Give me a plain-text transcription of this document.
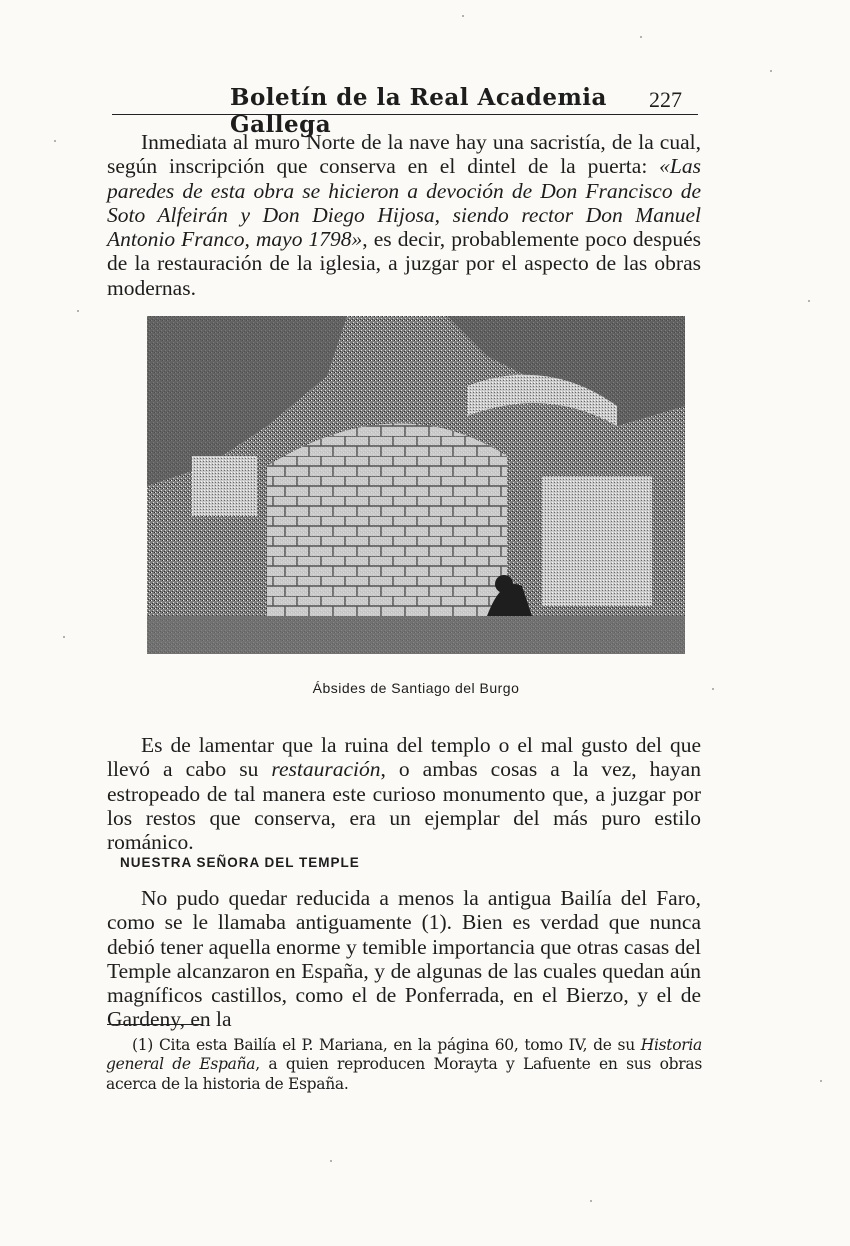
Boletín de la Real Academia Gallega
227

Inmediata al muro Norte de la nave hay una sacristía, de la cual, según inscripción que conserva en el dintel de la puerta: «Las paredes de esta obra se hicieron a devoción de Don Francisco de Soto Alfeirán y Don Diego Hijosa, siendo rector Don Manuel Antonio Franco, mayo 1798», es decir, probablemente poco después de la restauración de la iglesia, a juzgar por el aspecto de las obras modernas.

Ábsides de Santiago del Burgo

Es de lamentar que la ruina del templo o el mal gusto del que llevó a cabo su restauración, o ambas cosas a la vez, hayan estropeado de tal manera este curioso monumento que, a juzgar por los restos que conserva, era un ejemplar del más puro estilo románico.

NUESTRA SEÑORA DEL TEMPLE

No pudo quedar reducida a menos la antigua Bailía del Faro, como se le llamaba antiguamente (1). Bien es verdad que nunca debió tener aquella enorme y temible importancia que otras casas del Temple alcanzaron en España, y de algunas de las cuales quedan aún magníficos castillos, como el de Ponferrada, en el Bierzo, y el de Gardeny, en la

(1) Cita esta Bailía el P. Mariana, en la página 60, tomo IV, de su Historia general de España, a quien reproducen Morayta y Lafuente en sus obras acerca de la historia de España.
